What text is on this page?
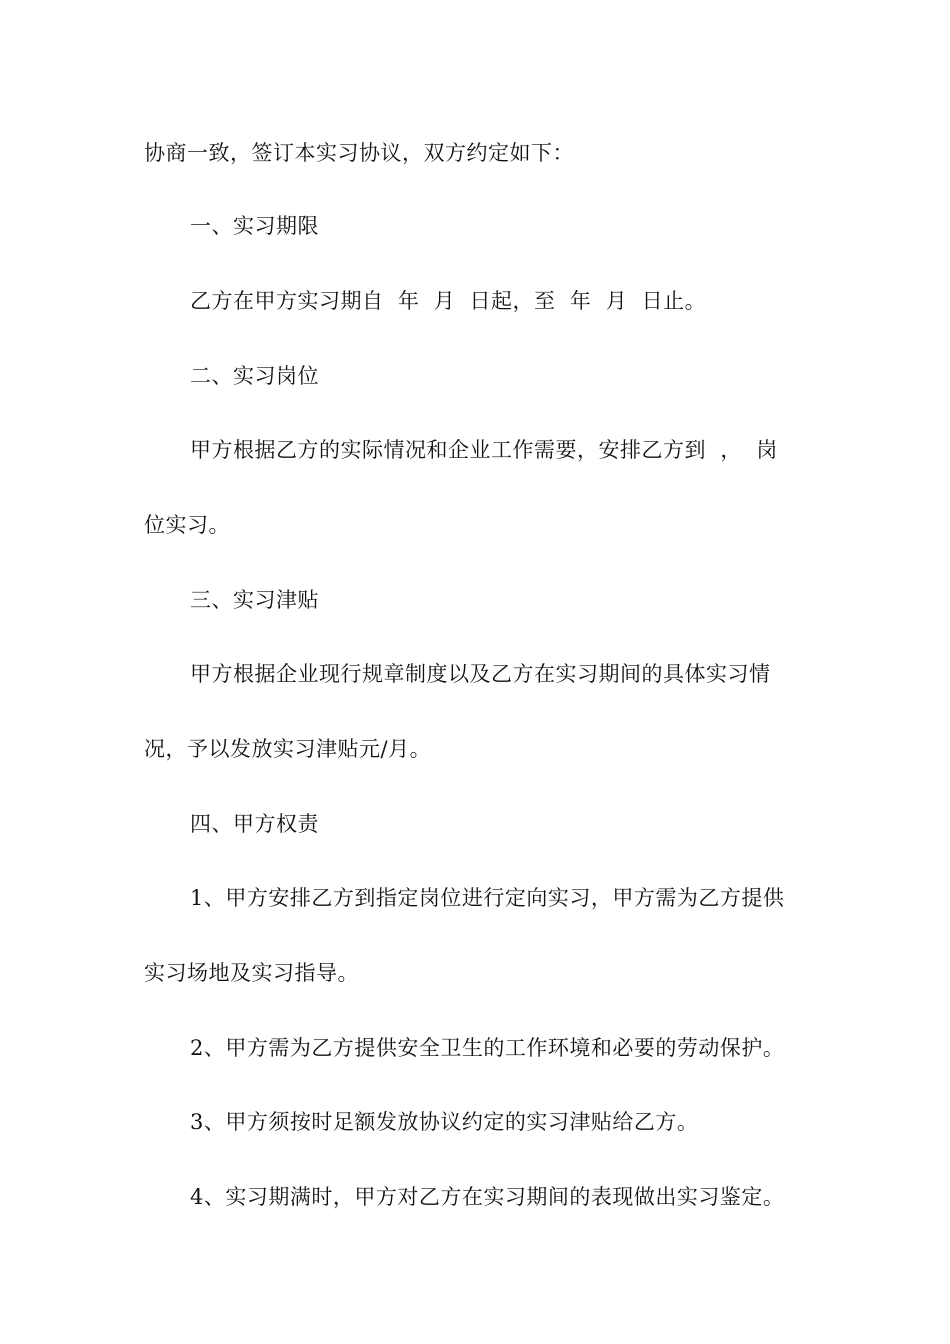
协商一致，签订本实习协议，双方约定如下：
一、实习期限
乙方在甲方实习期自  年  月  日起，至  年  月  日止。
二、实习岗位
甲方根据乙方的实际情况和企业工作需要，安排乙方到  ，  岗
位实习。
三、实习津贴
甲方根据企业现行规章制度以及乙方在实习期间的具体实习情
况，予以发放实习津贴元/月。
四、甲方权责
1、甲方安排乙方到指定岗位进行定向实习，甲方需为乙方提供
实习场地及实习指导。
2、甲方需为乙方提供安全卫生的工作环境和必要的劳动保护。
3、甲方须按时足额发放协议约定的实习津贴给乙方。
4、实习期满时，甲方对乙方在实习期间的表现做出实习鉴定。
